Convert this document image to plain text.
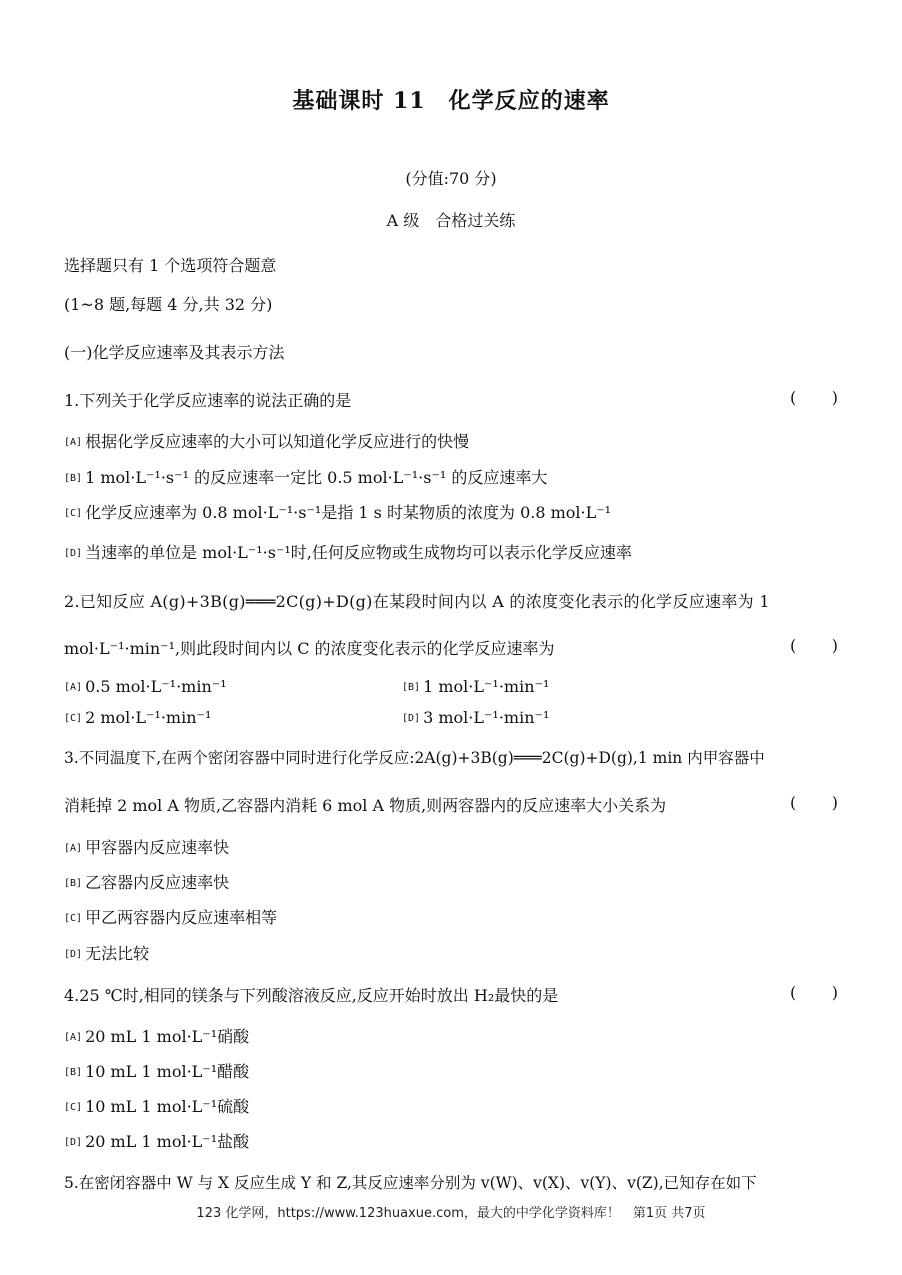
基础课时 11　化学反应的速率
(分值:70 分)
A 级　合格过关练
选择题只有 1 个选项符合题意
(1~8 题,每题 4 分,共 32 分)
(一)化学反应速率及其表示方法
1.下列关于化学反应速率的说法正确的是	( )
[A] 根据化学反应速率的大小可以知道化学反应进行的快慢
[B] 1 mol·L⁻¹·s⁻¹ 的反应速率一定比 0.5 mol·L⁻¹·s⁻¹ 的反应速率大
[C] 化学反应速率为 0.8 mol·L⁻¹·s⁻¹是指 1 s 时某物质的浓度为 0.8 mol·L⁻¹
[D] 当速率的单位是 mol·L⁻¹·s⁻¹时,任何反应物或生成物均可以表示化学反应速率
2.已知反应 A(g)+3B(g)═══2C(g)+D(g)在某段时间内以 A 的浓度变化表示的化学反应速率为 1
mol·L⁻¹·min⁻¹,则此段时间内以 C 的浓度变化表示的化学反应速率为	( )
[A] 0.5 mol·L⁻¹·min⁻¹	[B] 1 mol·L⁻¹·min⁻¹
[C] 2 mol·L⁻¹·min⁻¹	[D] 3 mol·L⁻¹·min⁻¹
3.不同温度下,在两个密闭容器中同时进行化学反应:2A(g)+3B(g)═══2C(g)+D(g),1 min 内甲容器中
消耗掉 2 mol A 物质,乙容器内消耗 6 mol A 物质,则两容器内的反应速率大小关系为	( )
[A] 甲容器内反应速率快
[B] 乙容器内反应速率快
[C] 甲乙两容器内反应速率相等
[D] 无法比较
4.25 ℃时,相同的镁条与下列酸溶液反应,反应开始时放出 H₂最快的是	( )
[A] 20 mL 1 mol·L⁻¹硝酸
[B] 10 mL 1 mol·L⁻¹醋酸
[C] 10 mL 1 mol·L⁻¹硫酸
[D] 20 mL 1 mol·L⁻¹盐酸
5.在密闭容器中 W 与 X 反应生成 Y 和 Z,其反应速率分别为 v(W)、v(X)、v(Y)、v(Z),已知存在如下
123 化学网，https://www.123huaxue.com，最大的中学化学资料库！　第1页 共7页
